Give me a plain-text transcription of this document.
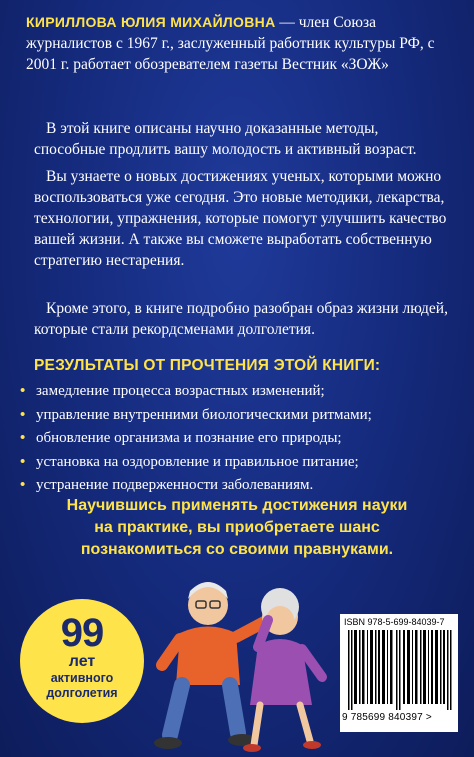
КИРИЛЛОВА ЮЛИЯ МИХАЙЛОВНА — член Союза журналистов с 1967 г., заслуженный работник культуры РФ, с 2001 г. работает обозревателем газеты Вестник «ЗОЖ»
В этой книге описаны научно доказанные методы, способные продлить вашу молодость и активный возраст.
Вы узнаете о новых достижениях ученых, которыми можно воспользоваться уже сегодня. Это новые методики, лекарства, технологии, упражнения, которые помогут улучшить качество вашей жизни. А также вы сможете выработать собственную стратегию нестарения.
Кроме этого, в книге подробно разобран образ жизни людей, которые стали рекордсменами долголетия.
РЕЗУЛЬТАТЫ ОТ ПРОЧТЕНИЯ ЭТОЙ КНИГИ:
• замедление процесса возрастных изменений;
• управление внутренними биологическими ритмами;
• обновление организма и познание его природы;
• установка на оздоровление и правильное питание;
• устранение подверженности заболеваниям.
Научившись применять достижения науки
на практике, вы приобретаете шанс
познакомиться со своими правнуками.
99
лет
активного
долголетия
ISBN 978-5-699-84039-7
9 785699 840397 >
